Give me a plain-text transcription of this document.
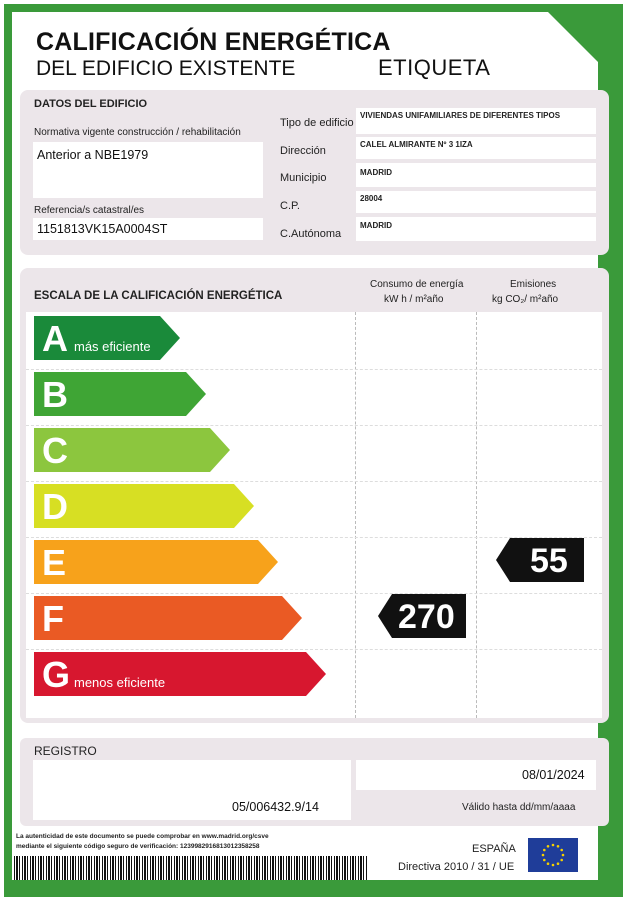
CALIFICACIÓN ENERGÉTICA
DEL EDIFICIO EXISTENTE	ETIQUETA
DATOS DEL EDIFICIO
Normativa vigente construcción / rehabilitación
Anterior a NBE1979
Referencia/s catastral/es
1151813VK15A0004ST
Tipo de edificio
Dirección
Municipio
C.P.
C.Autónoma
VIVIENDAS UNIFAMILIARES DE DIFERENTES TIPOS
CALEL ALMIRANTE Nº 3 1IZA
MADRID
28004
MADRID
ESCALA DE LA CALIFICACIÓN ENERGÉTICA
Consumo de energía
kW h / m²año
Emisiones
kg CO₂/ m²año
A más eficiente
B
C
D
E
F
G menos eficiente
270
55
REGISTRO
05/006432.9/14
08/01/2024
Válido hasta dd/mm/aaaa
La autenticidad de este documento se puede comprobar en www.madrid.org/csve
mediante el siguiente código seguro de verificación: 1239982916813012358258	ESPAÑA
Directiva 2010 / 31 / UE
